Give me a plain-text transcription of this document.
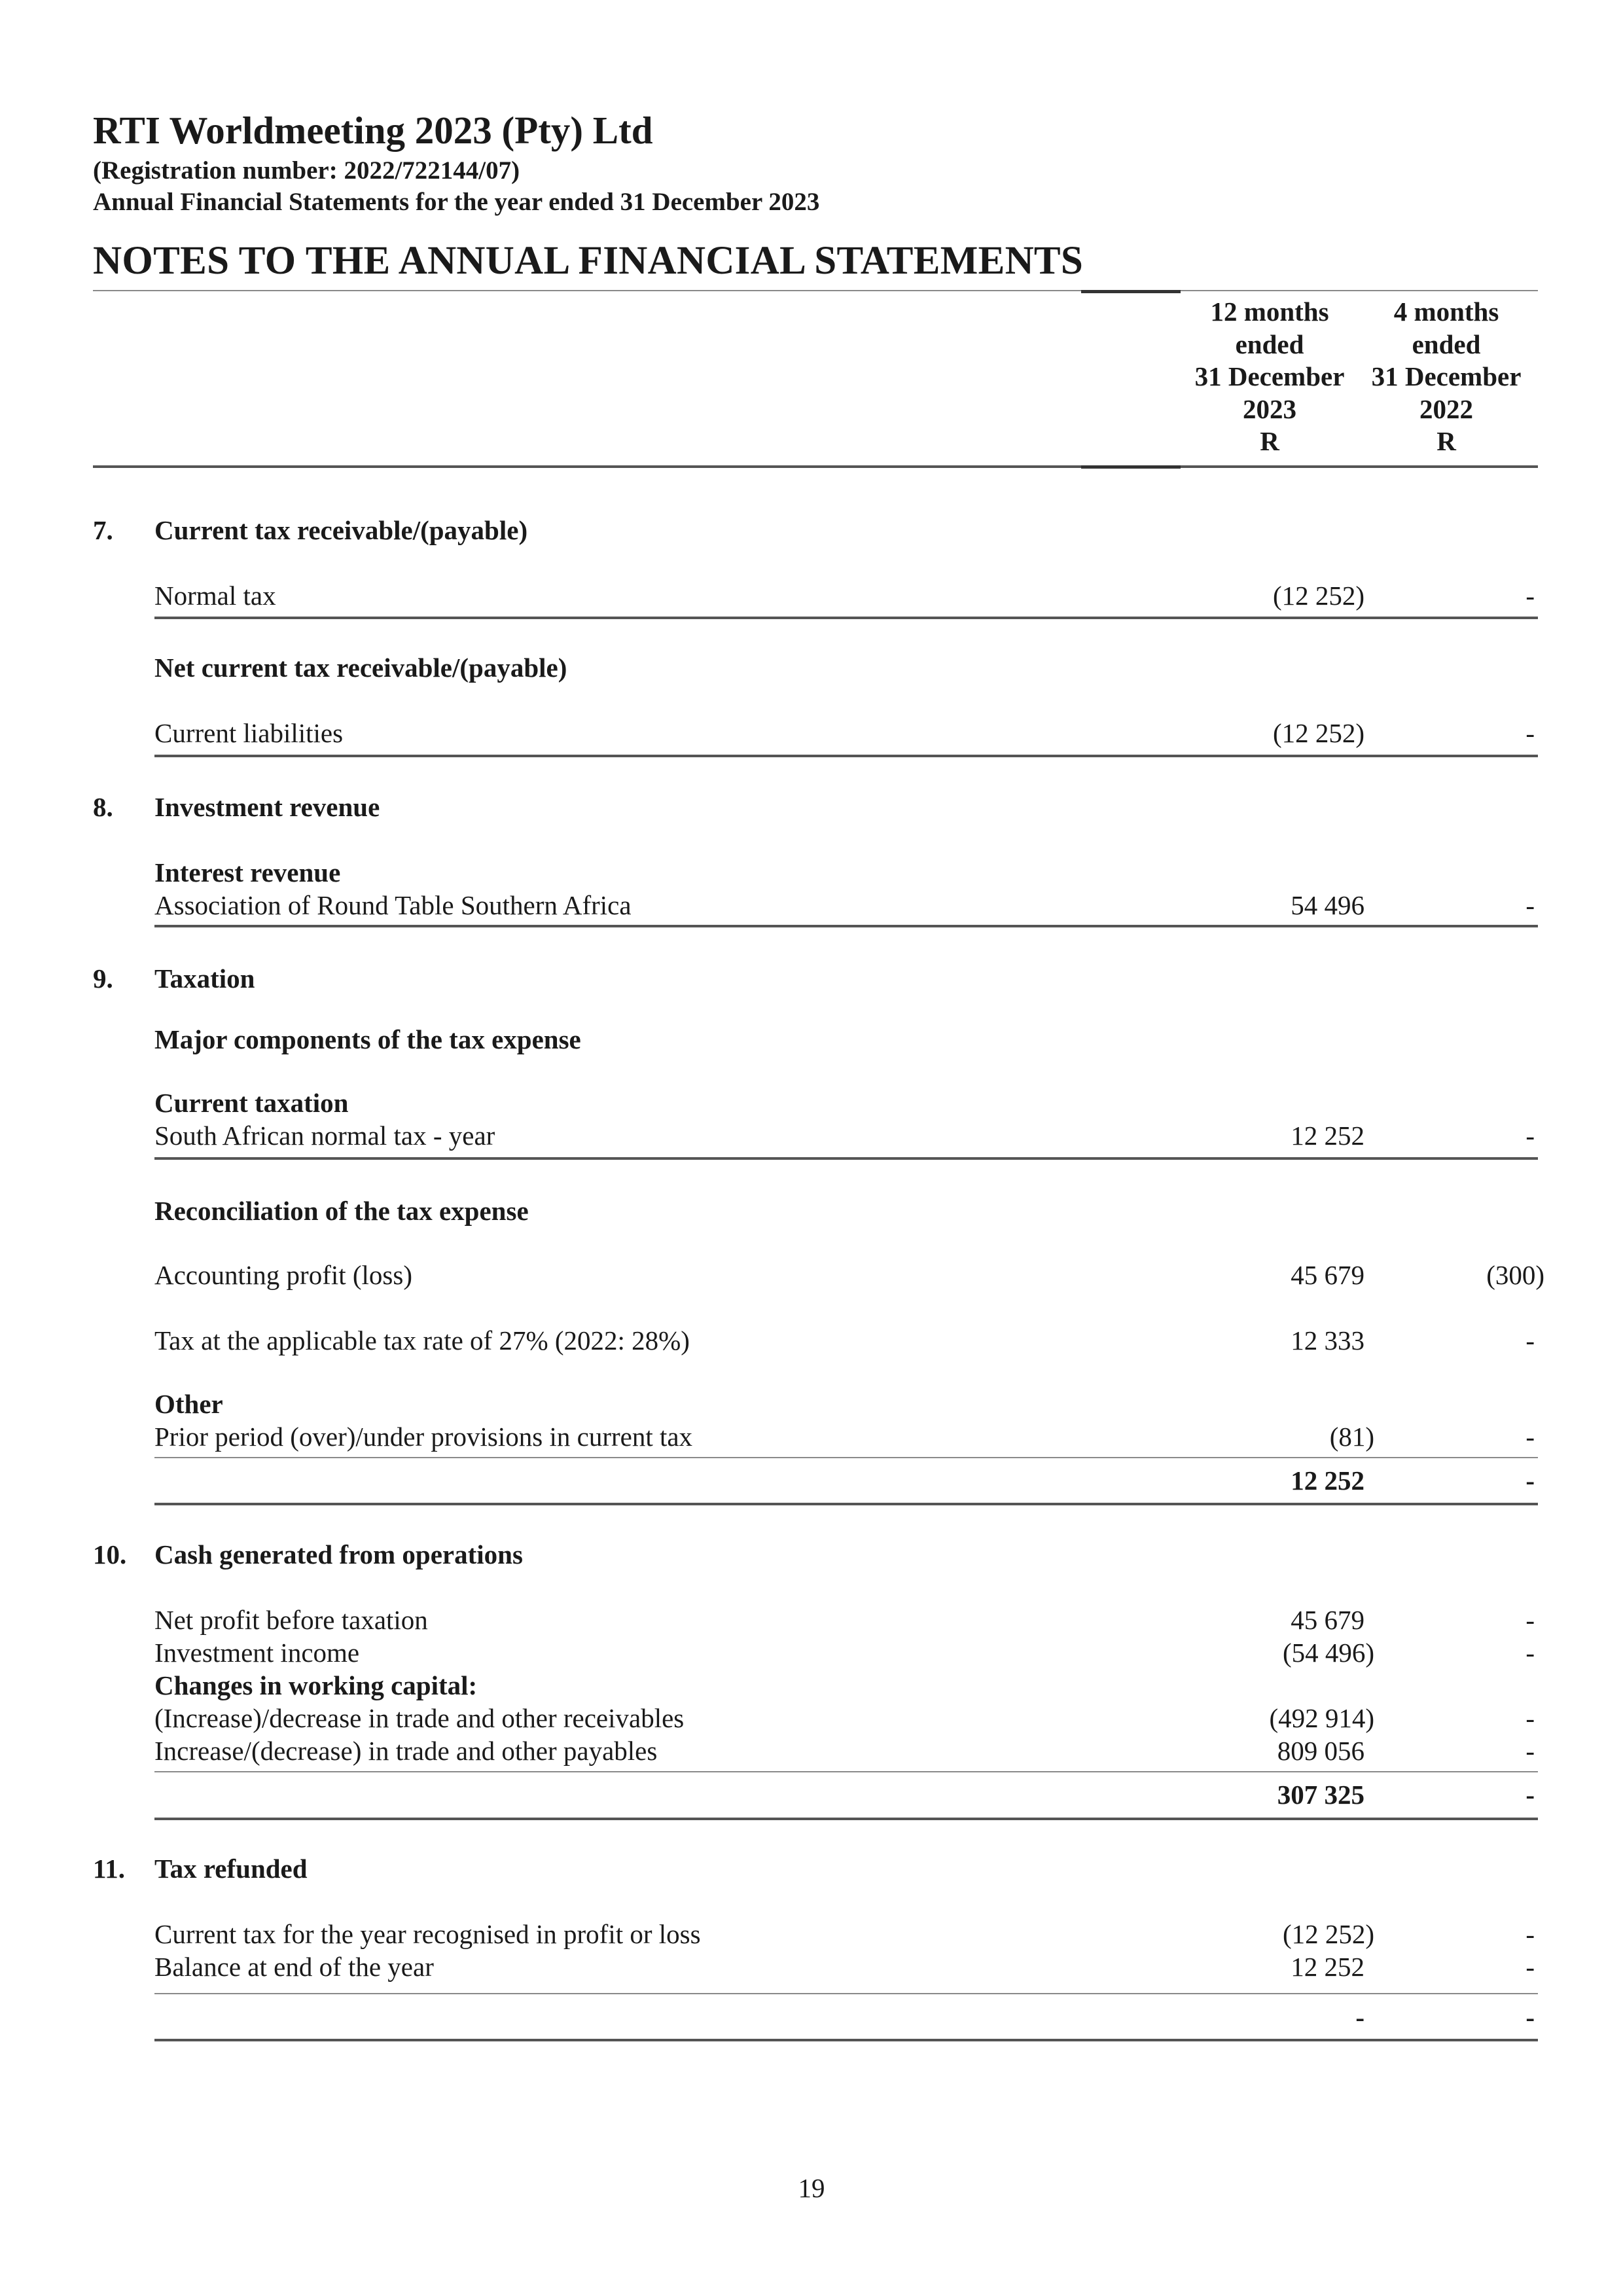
RTI Worldmeeting 2023 (Pty) Ltd
(Registration number: 2022/722144/07)
Annual Financial Statements for the year ended 31 December 2023
NOTES TO THE ANNUAL FINANCIAL STATEMENTS
12 months
ended
31 December
2023
R
4 months
ended
31 December
2022
R
7. Current tax receivable/(payable)
Normal tax	(12 252)	-
Net current tax receivable/(payable)
Current liabilities	(12 252)	-
8. Investment revenue
Interest revenue
Association of Round Table Southern Africa	54 496	-
9. Taxation
Major components of the tax expense
Current taxation
South African normal tax - year	12 252	-
Reconciliation of the tax expense
Accounting profit (loss)	45 679	(300)
Tax at the applicable tax rate of 27% (2022: 28%)	12 333	-
Other
Prior period (over)/under provisions in current tax	(81)	-
12 252	-
10. Cash generated from operations
Net profit before taxation	45 679	-
Investment income	(54 496)	-
Changes in working capital:
(Increase)/decrease in trade and other receivables	(492 914)	-
Increase/(decrease) in trade and other payables	809 056	-
307 325	-
11. Tax refunded
Current tax for the year recognised in profit or loss	(12 252)	-
Balance at end of the year	12 252	-
-	-
19
